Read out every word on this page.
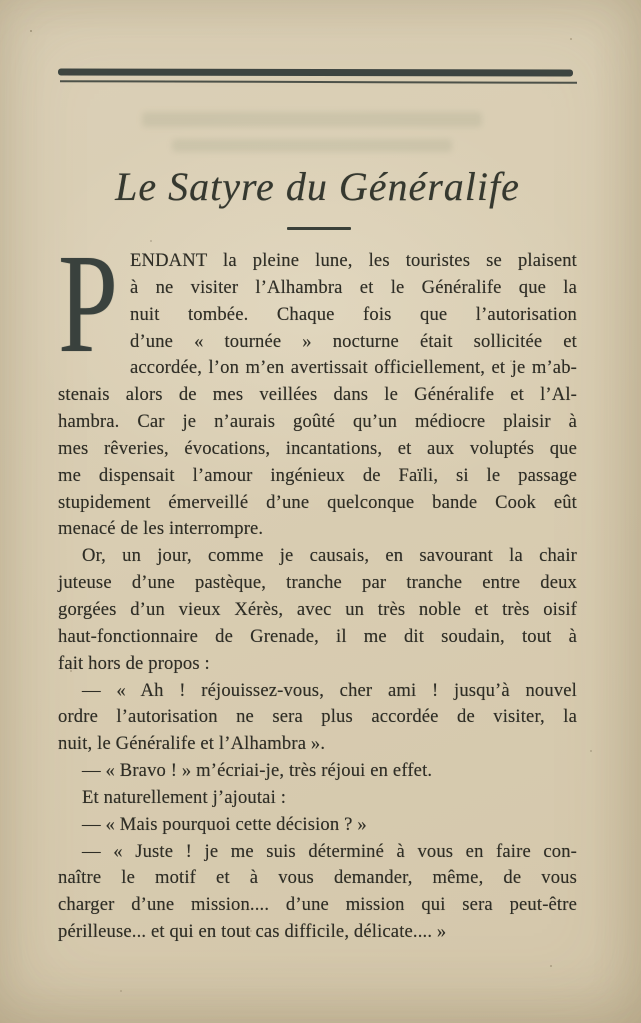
Le Satyre du Généralife
P ENDANT la pleine lune, les touristes se plaisent
à ne visiter l’Alhambra et le Généralife que la
nuit tombée. Chaque fois que l’autorisation
d’une « tournée » nocturne était sollicitée et
accordée, l’on m’en avertissait officiellement, et je m’ab-
stenais alors de mes veillées dans le Généralife et l’Al-
hambra. Car je n’aurais goûté qu’un médiocre plaisir à
mes rêveries, évocations, incantations, et aux voluptés que
me dispensait l’amour ingénieux de Faïli, si le passage
stupidement émerveillé d’une quelconque bande Cook eût
menacé de les interrompre.
Or, un jour, comme je causais, en savourant la chair
juteuse d’une pastèque, tranche par tranche entre deux
gorgées d’un vieux Xérès, avec un très noble et très oisif
haut-fonctionnaire de Grenade, il me dit soudain, tout à
fait hors de propos :
— « Ah ! réjouissez-vous, cher ami ! jusqu’à nouvel
ordre l’autorisation ne sera plus accordée de visiter, la
nuit, le Généralife et l’Alhambra ».
— « Bravo ! » m’écriai-je, très réjoui en effet.
Et naturellement j’ajoutai :
— « Mais pourquoi cette décision ? »
— « Juste ! je me suis déterminé à vous en faire con-
naître le motif et à vous demander, même, de vous
charger d’une mission.... d’une mission qui sera peut-être
périlleuse... et qui en tout cas difficile, délicate.... »
